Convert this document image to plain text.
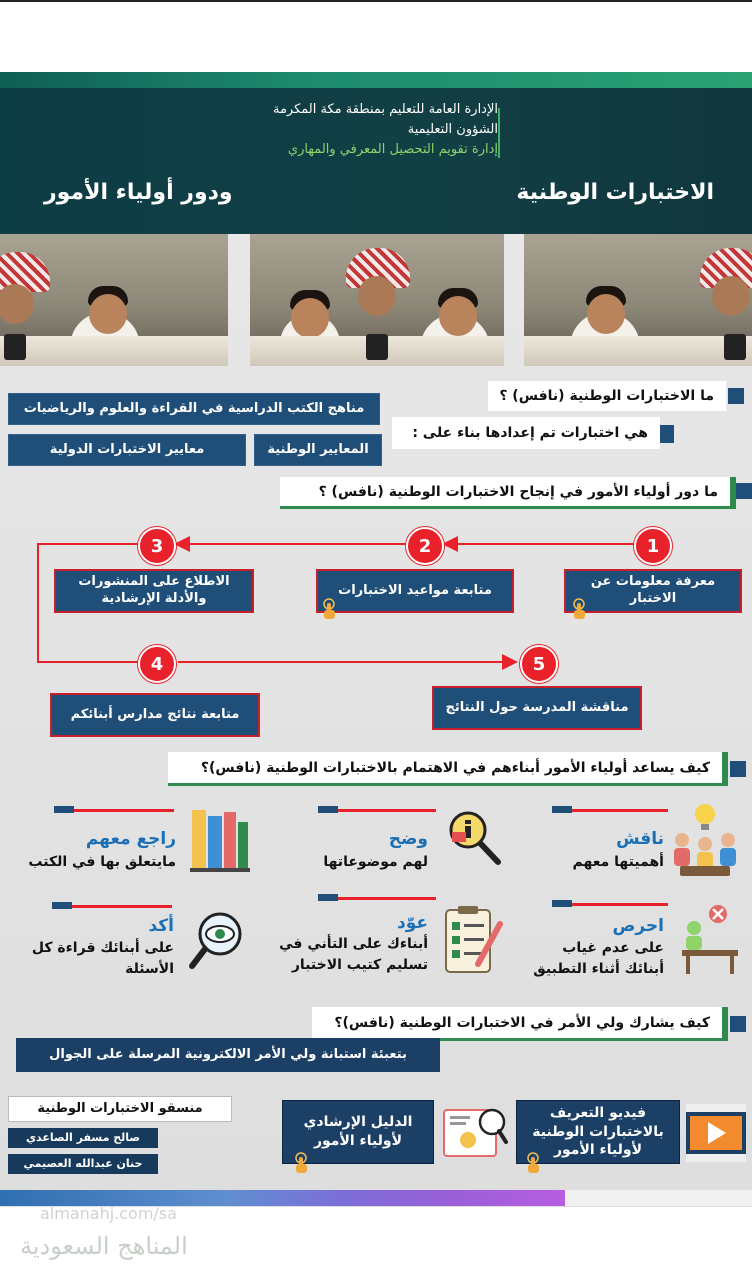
الإدارة العامة للتعليم بمنطقة مكة المكرمة
الشؤون التعليمية
إدارة تقويم التحصيل المعرفي والمهاري
الاختبارات الوطنية
ودور أولياء الأمور
ما الاختبارات الوطنية (نافس) ؟
مناهج الكتب الدراسية في القراءة والعلوم والرياضيات
هي اختبارات تم إعدادها بناء على :
المعايير الوطنية
معايير الاختبارات الدولية
ما دور أولياء الأمور في إنجاح الاختبارات الوطنية (نافس) ؟
1
2
3
4	5
معرفة معلومات عن الاختبار
متابعة مواعيد الاختبارات
الاطلاع على المنشورات والأدلة الإرشادية
متابعة نتائج مدارس أبنائكم	مناقشة المدرسة حول النتائج
كيف يساعد أولياء الأمور أبناءهم في الاهتمام بالاختبارات الوطنية (نافس)؟
ناقش
أهميتها معهم
وضح
لهم موضوعاتها
راجع معهم
مايتعلق بها في الكتب
احرص
على عدم غياب أبنائك أثناء التطبيق
عوّد
أبناءك على التأني في تسليم كتيب الاختبار
أكد
على أبنائك قراءة كل الأسئلة
كيف يشارك ولي الأمر في الاختبارات الوطنية (نافس)؟
بتعبئة استبانة ولي الأمر الالكترونية المرسلة على الجوال
منسقو الاختبارات الوطنية
صالح مسفر الصاعدي
حنان عبدالله العصيمي
الدليل الإرشادي لأولياء الأمور
فيديو التعريف بالاختبارات الوطنية لأولياء الأمور
almanahj.com/sa
المناهج السعودية
